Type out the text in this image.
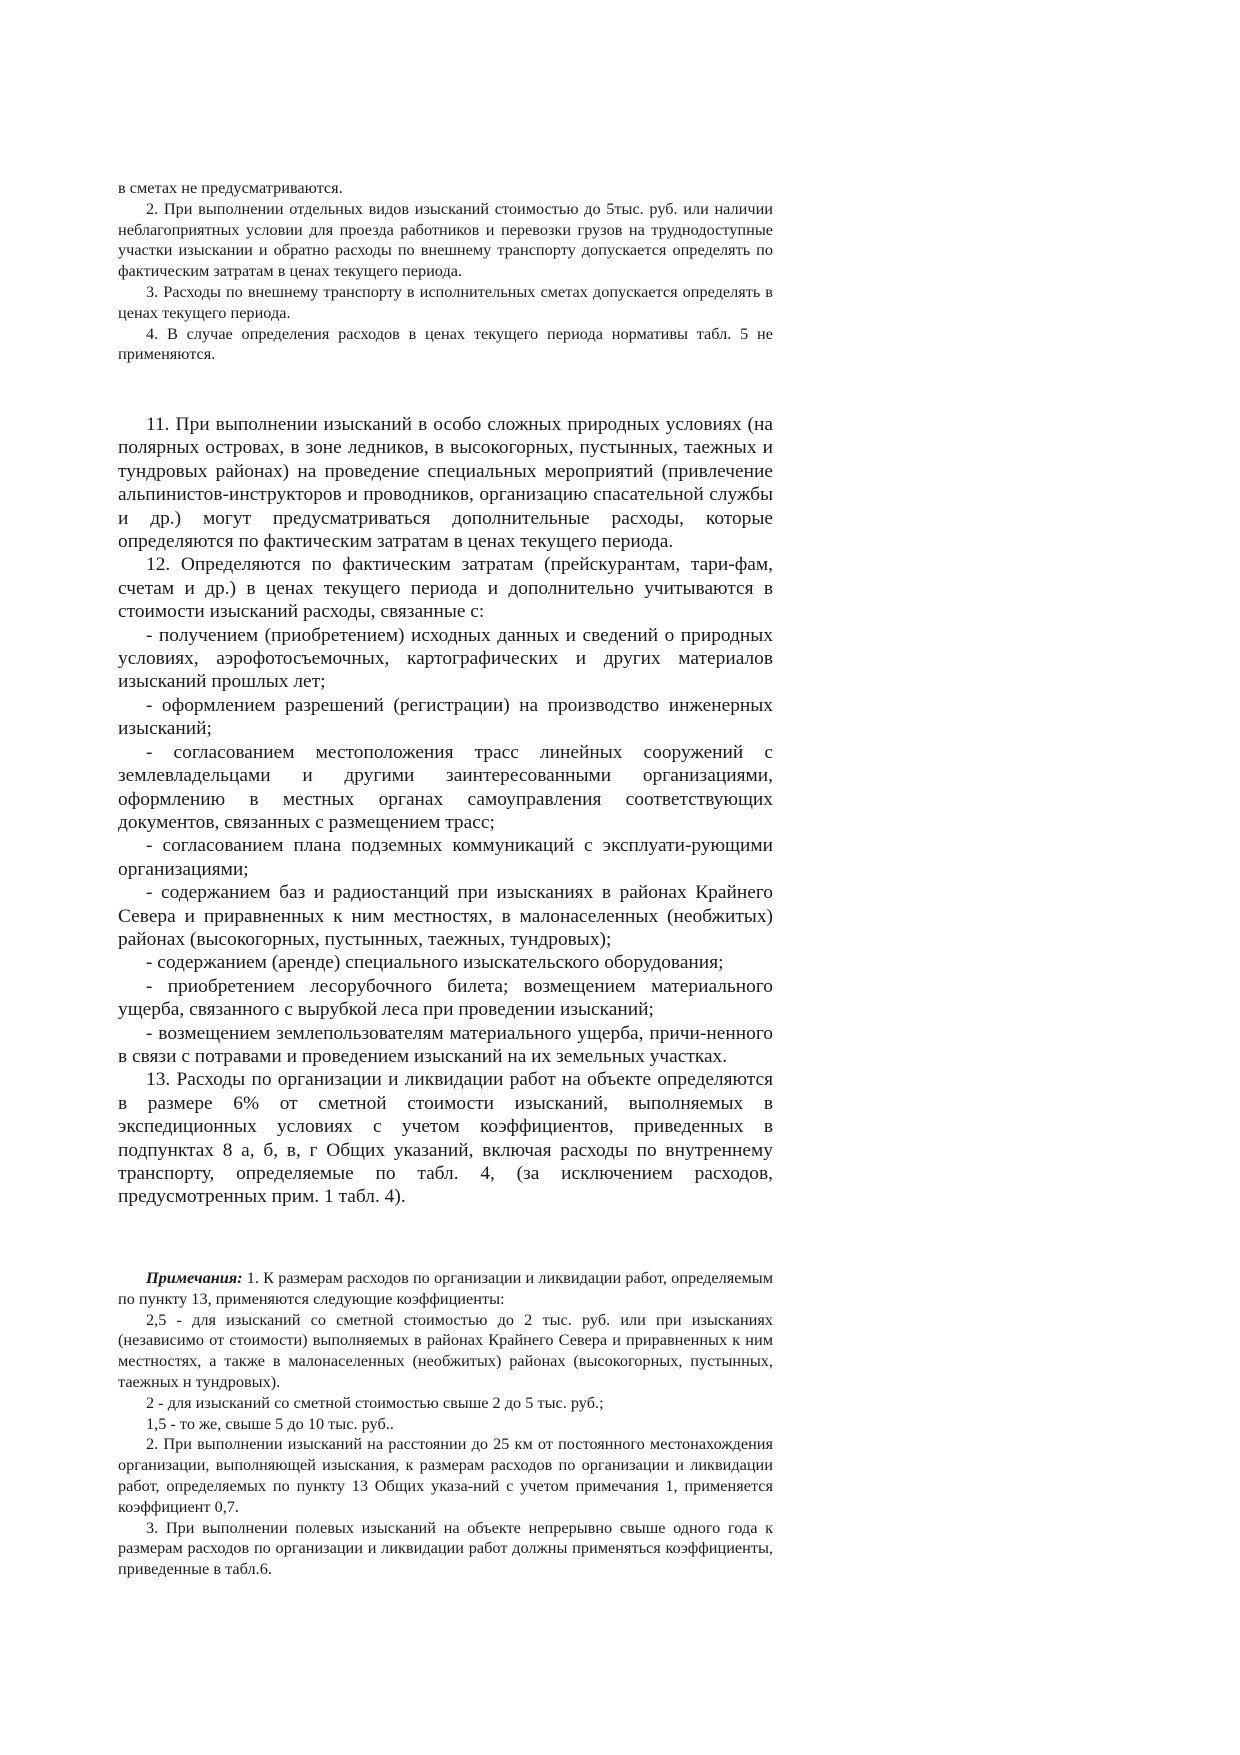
в сметах не предусматриваются.

2. При выполнении отдельных видов изысканий стоимостью до 5тыс. руб. или наличии неблагоприятных условии для проезда работников и перевозки грузов на труднодоступные участки изыскании и обратно расходы по внешнему транспорту допускается определять по фактическим затратам в ценах текущего периода.

3. Расходы по внешнему транспорту в исполнительных сметах допускается определять в ценах текущего периода.

4. В случае определения расходов в ценах текущего периода нормативы табл. 5 не применяются.

11. При выполнении изысканий в особо сложных природных условиях (на полярных островах, в зоне ледников, в высокогорных, пустынных, таежных и тундровых районах) на проведение специальных мероприятий (привлечение альпинистов-инструкторов и проводников, организацию спасательной службы и др.) могут предусматриваться дополнительные расходы, которые определяются по фактическим затратам в ценах текущего периода.

12. Определяются по фактическим затратам (прейскурантам, тари-фам, счетам и др.) в ценах текущего периода и дополнительно учитываются в стоимости изысканий расходы, связанные с:

- получением (приобретением) исходных данных и сведений о природных условиях, аэрофотосъемочных, картографических и других материалов изысканий прошлых лет;

- оформлением разрешений (регистрации) на производство инженерных изысканий;

- согласованием местоположения трасс линейных сооружений с землевладельцами и другими заинтересованными организациями, оформлению в местных органах самоуправления соответствующих документов, связанных с размещением трасс;

- согласованием плана подземных коммуникаций с эксплуати-рующими организациями;

- содержанием баз и радиостанций при изысканиях в районах Крайнего Севера и приравненных к ним местностях, в малонаселенных (необжитых) районах (высокогорных, пустынных, таежных, тундровых);

- содержанием (аренде) специального изыскательского оборудования;

- приобретением лесорубочного билета; возмещением материального ущерба, связанного с вырубкой леса при проведении изысканий;

- возмещением землепользователям материального ущерба, причи-ненного в связи с потравами и проведением изысканий на их земельных участках.

13. Расходы по организации и ликвидации работ на объекте определяются в размере 6% от сметной стоимости изысканий, выполняемых в экспедиционных условиях с учетом коэффициентов, приведенных в подпунктах 8 а, б, в, г Общих указаний, включая расходы по внутреннему транспорту, определяемые по табл. 4, (за исключением расходов, предусмотренных прим. 1 табл. 4).

Примечания: 1. К размерам расходов по организации и ликвидации работ, определяемым по пункту 13, применяются следующие коэффициенты:

2,5 - для изысканий со сметной стоимостью до 2 тыс. руб. или при изысканиях (независимо от стоимости) выполняемых в районах Крайнего Севера и приравненных к ним местностях, а также в малонаселенных (необжитых) районах (высокогорных, пустынных, таежных н тундровых).

2 - для изысканий со сметной стоимостью свыше 2 до 5 тыс. руб.;

1,5 - то же, свыше 5 до 10 тыс. руб..

2. При выполнении изысканий на расстоянии до 25 км от постоянного местонахождения организации, выполняющей изыскания, к размерам расходов по организации и ликвидации работ, определяемых по пункту 13 Общих указа-ний с учетом примечания 1, применяется коэффициент 0,7.

3. При выполнении полевых изысканий на объекте непрерывно свыше одного года к размерам расходов по организации и ликвидации работ должны применяться коэффициенты, приведенные в табл.6.
